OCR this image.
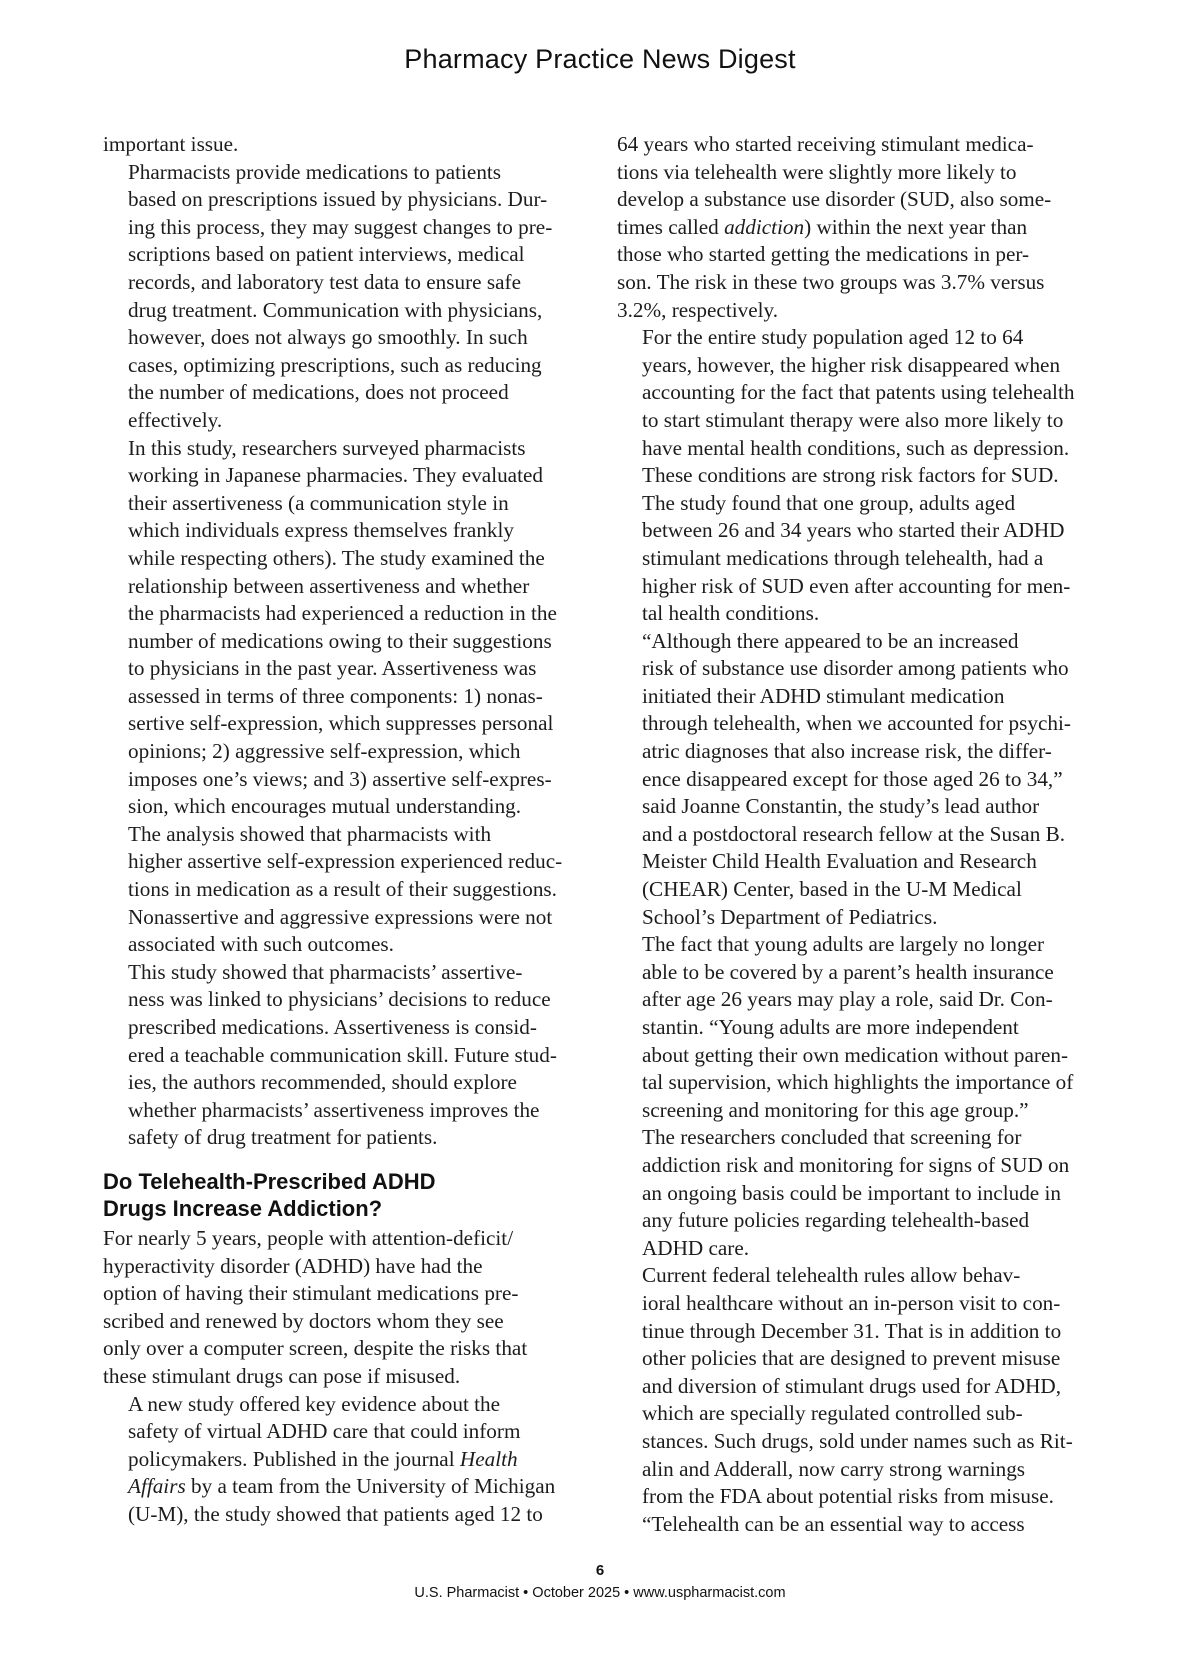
Pharmacy Practice News Digest

important issue.

Pharmacists provide medications to patients
based on prescriptions issued by physicians. Dur-
ing this process, they may suggest changes to pre-
scriptions based on patient interviews, medical
records, and laboratory test data to ensure safe
drug treatment. Communication with physicians,
however, does not always go smoothly. In such
cases, optimizing prescriptions, such as reducing
the number of medications, does not proceed
effectively.

In this study, researchers surveyed pharmacists
working in Japanese pharmacies. They evaluated
their assertiveness (a communication style in
which individuals express themselves frankly
while respecting others). The study examined the
relationship between assertiveness and whether
the pharmacists had experienced a reduction in the
number of medications owing to their suggestions
to physicians in the past year. Assertiveness was
assessed in terms of three components: 1) nonas-
sertive self-expression, which suppresses personal
opinions; 2) aggressive self-expression, which
imposes one’s views; and 3) assertive self-expres-
sion, which encourages mutual understanding.

The analysis showed that pharmacists with
higher assertive self-expression experienced reduc-
tions in medication as a result of their suggestions.
Nonassertive and aggressive expressions were not
associated with such outcomes.

This study showed that pharmacists’ assertive-
ness was linked to physicians’ decisions to reduce
prescribed medications. Assertiveness is consid-
ered a teachable communication skill. Future stud-
ies, the authors recommended, should explore
whether pharmacists’ assertiveness improves the
safety of drug treatment for patients.

Do Telehealth-Prescribed ADHD
Drugs Increase Addiction?

For nearly 5 years, people with attention-deficit/
hyperactivity disorder (ADHD) have had the
option of having their stimulant medications pre-
scribed and renewed by doctors whom they see
only over a computer screen, despite the risks that
these stimulant drugs can pose if misused.

A new study offered key evidence about the
safety of virtual ADHD care that could inform
policymakers. Published in the journal Health
Affairs by a team from the University of Michigan
(U-M), the study showed that patients aged 12 to

64 years who started receiving stimulant medica-
tions via telehealth were slightly more likely to
develop a substance use disorder (SUD, also some-
times called addiction) within the next year than
those who started getting the medications in per-
son. The risk in these two groups was 3.7% versus
3.2%, respectively.

For the entire study population aged 12 to 64
years, however, the higher risk disappeared when
accounting for the fact that patents using telehealth
to start stimulant therapy were also more likely to
have mental health conditions, such as depression.
These conditions are strong risk factors for SUD.

The study found that one group, adults aged
between 26 and 34 years who started their ADHD
stimulant medications through telehealth, had a
higher risk of SUD even after accounting for men-
tal health conditions.

“Although there appeared to be an increased
risk of substance use disorder among patients who
initiated their ADHD stimulant medication
through telehealth, when we accounted for psychi-
atric diagnoses that also increase risk, the differ-
ence disappeared except for those aged 26 to 34,”
said Joanne Constantin, the study’s lead author
and a postdoctoral research fellow at the Susan B.
Meister Child Health Evaluation and Research
(CHEAR) Center, based in the U-M Medical
School’s Department of Pediatrics.

The fact that young adults are largely no longer
able to be covered by a parent’s health insurance
after age 26 years may play a role, said Dr. Con-
stantin. “Young adults are more independent
about getting their own medication without paren-
tal supervision, which highlights the importance of
screening and monitoring for this age group.”

The researchers concluded that screening for
addiction risk and monitoring for signs of SUD on
an ongoing basis could be important to include in
any future policies regarding telehealth-based
ADHD care.

Current federal telehealth rules allow behav-
ioral healthcare without an in-person visit to con-
tinue through December 31. That is in addition to
other policies that are designed to prevent misuse
and diversion of stimulant drugs used for ADHD,
which are specially regulated controlled sub-
stances. Such drugs, sold under names such as Rit-
alin and Adderall, now carry strong warnings
from the FDA about potential risks from misuse.

“Telehealth can be an essential way to access

6
U.S. Pharmacist • October 2025 • www.uspharmacist.com
